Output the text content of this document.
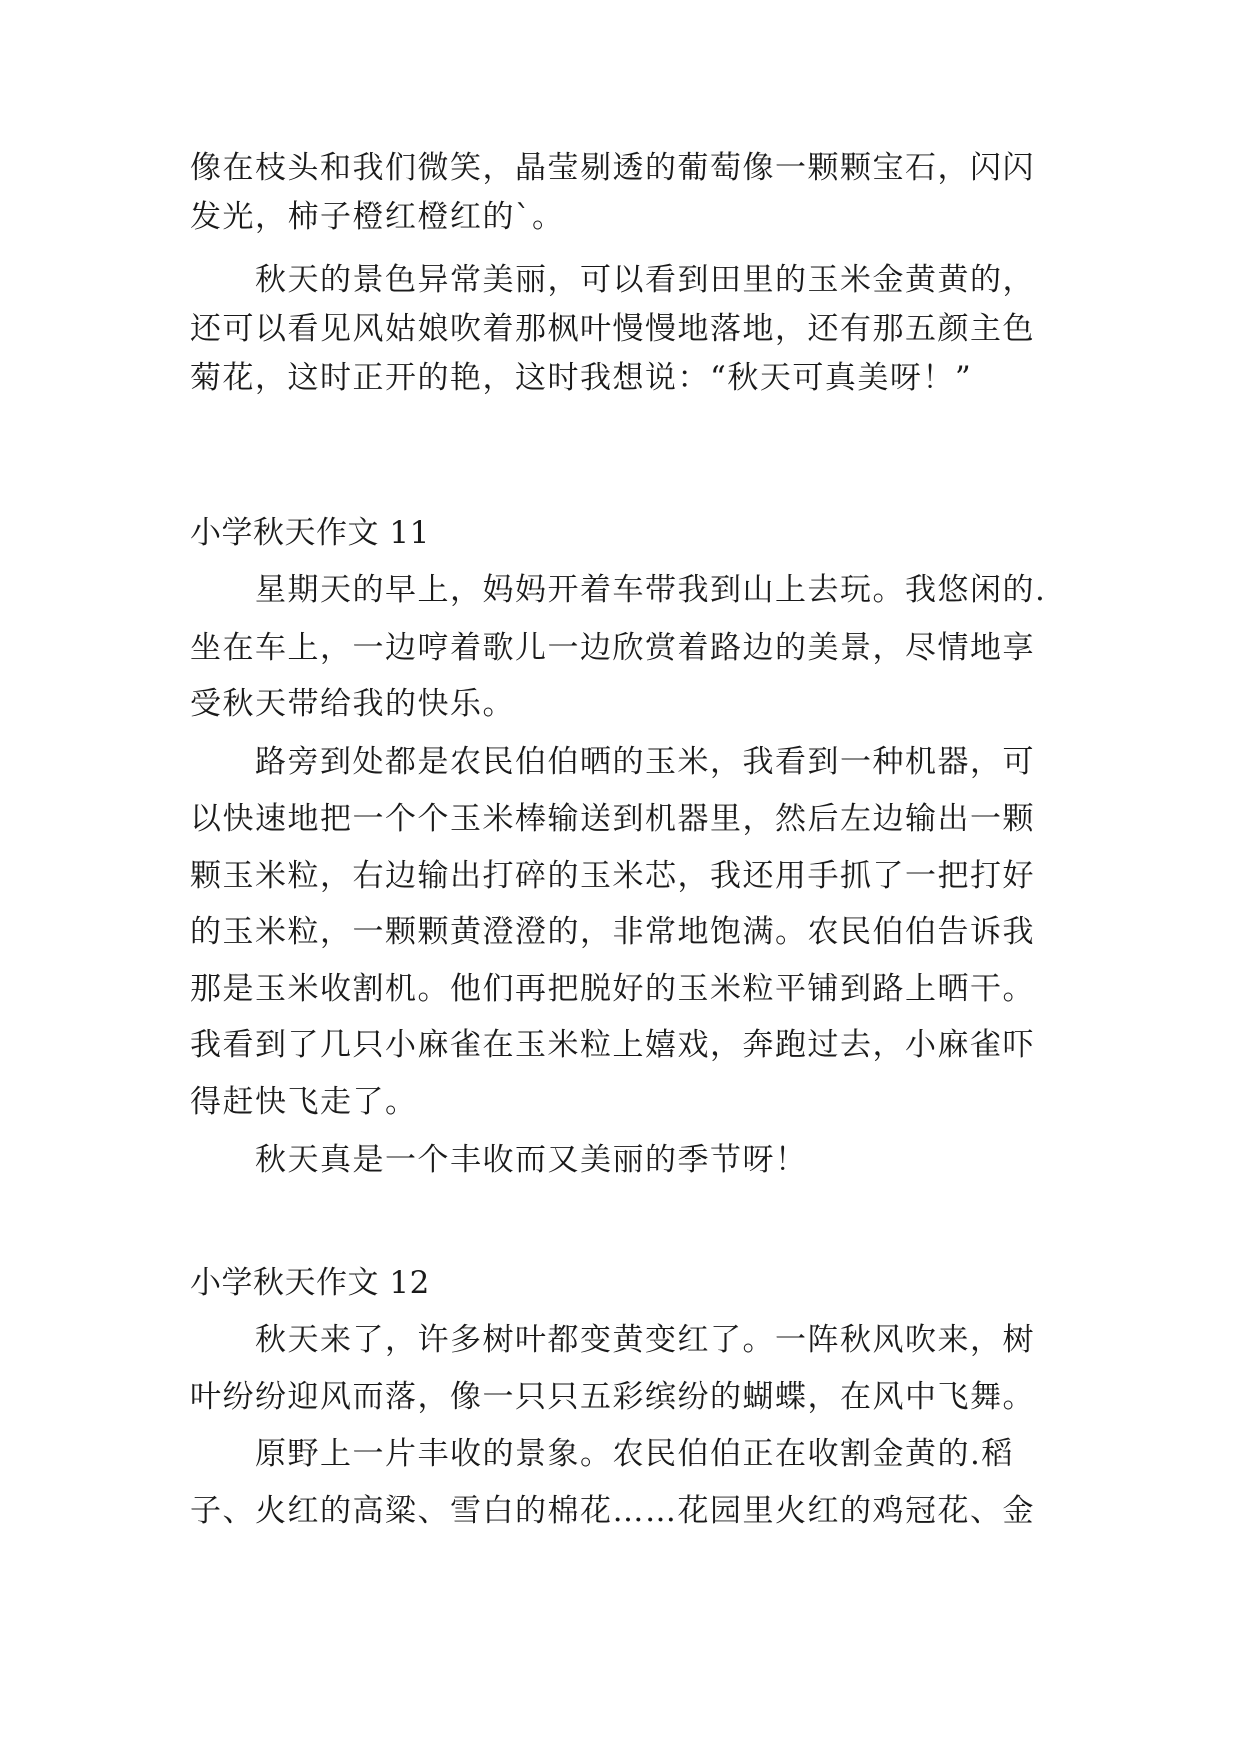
像在枝头和我们微笑，晶莹剔透的葡萄像一颗颗宝石，闪闪
发光，柿子橙红橙红的`。
　　秋天的景色异常美丽，可以看到田里的玉米金黄黄的，
还可以看见风姑娘吹着那枫叶慢慢地落地，还有那五颜主色
菊花，这时正开的艳，这时我想说：“秋天可真美呀！”
小学秋天作文 11
　　星期天的早上，妈妈开着车带我到山上去玩。我悠闲的.
坐在车上，一边哼着歌儿一边欣赏着路边的美景，尽情地享
受秋天带给我的快乐。
　　路旁到处都是农民伯伯晒的玉米，我看到一种机器，可
以快速地把一个个玉米棒输送到机器里，然后左边输出一颗
颗玉米粒，右边输出打碎的玉米芯，我还用手抓了一把打好
的玉米粒，一颗颗黄澄澄的，非常地饱满。农民伯伯告诉我
那是玉米收割机。他们再把脱好的玉米粒平铺到路上晒干。
我看到了几只小麻雀在玉米粒上嬉戏，奔跑过去，小麻雀吓
得赶快飞走了。
　　秋天真是一个丰收而又美丽的季节呀！
小学秋天作文 12
　　秋天来了，许多树叶都变黄变红了。一阵秋风吹来，树
叶纷纷迎风而落，像一只只五彩缤纷的蝴蝶，在风中飞舞。
　　原野上一片丰收的景象。农民伯伯正在收割金黄的.稻
子、火红的高粱、雪白的棉花……花园里火红的鸡冠花、金
